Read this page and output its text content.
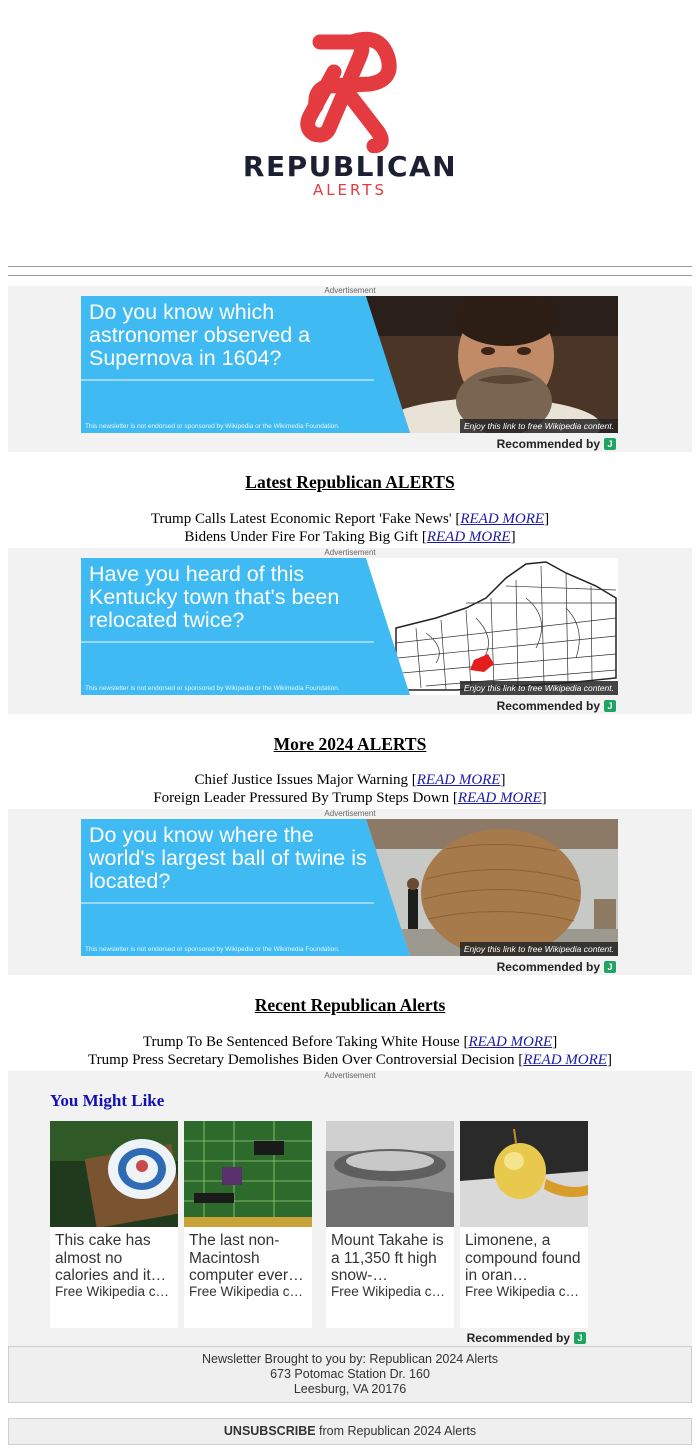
REPUBLICAN
ALERTS
Advertisement
Do you know which astronomer observed a Supernova in 1604?
This newsletter is not endorsed or sponsored by Wikipedia or the Wikimedia Foundation.	Enjoy this link to free Wikipedia content.
Recommended by J
Latest Republican ALERTS
Trump Calls Latest Economic Report 'Fake News' [READ MORE]
Bidens Under Fire For Taking Big Gift [READ MORE]
Advertisement
Have you heard of this Kentucky town that's been relocated twice?
This newsletter is not endorsed or sponsored by Wikipedia or the Wikimedia Foundation.	Enjoy this link to free Wikipedia content.
Recommended by J
More 2024 ALERTS
Chief Justice Issues Major Warning [READ MORE]
Foreign Leader Pressured By Trump Steps Down [READ MORE]
Advertisement
Do you know where the world's largest ball of twine is located?
This newsletter is not endorsed or sponsored by Wikipedia or the Wikimedia Foundation.	Enjoy this link to free Wikipedia content.
Recommended by J
Recent Republican Alerts
Trump To Be Sentenced Before Taking White House [READ MORE]
Trump Press Secretary Demolishes Biden Over Controversial Decision [READ MORE]
Advertisement
You Might Like
This cake has almost no calories and it…
Free Wikipedia c…
The last non-Macintosh computer ever…
Free Wikipedia c…
Mount Takahe is a 11,350 ft high snow-…
Free Wikipedia c…
Limonene, a compound found in oran…
Free Wikipedia c…
Recommended by J
Newsletter Brought to you by: Republican 2024 Alerts
673 Potomac Station Dr. 160
Leesburg, VA 20176
UNSUBSCRIBE from Republican 2024 Alerts
